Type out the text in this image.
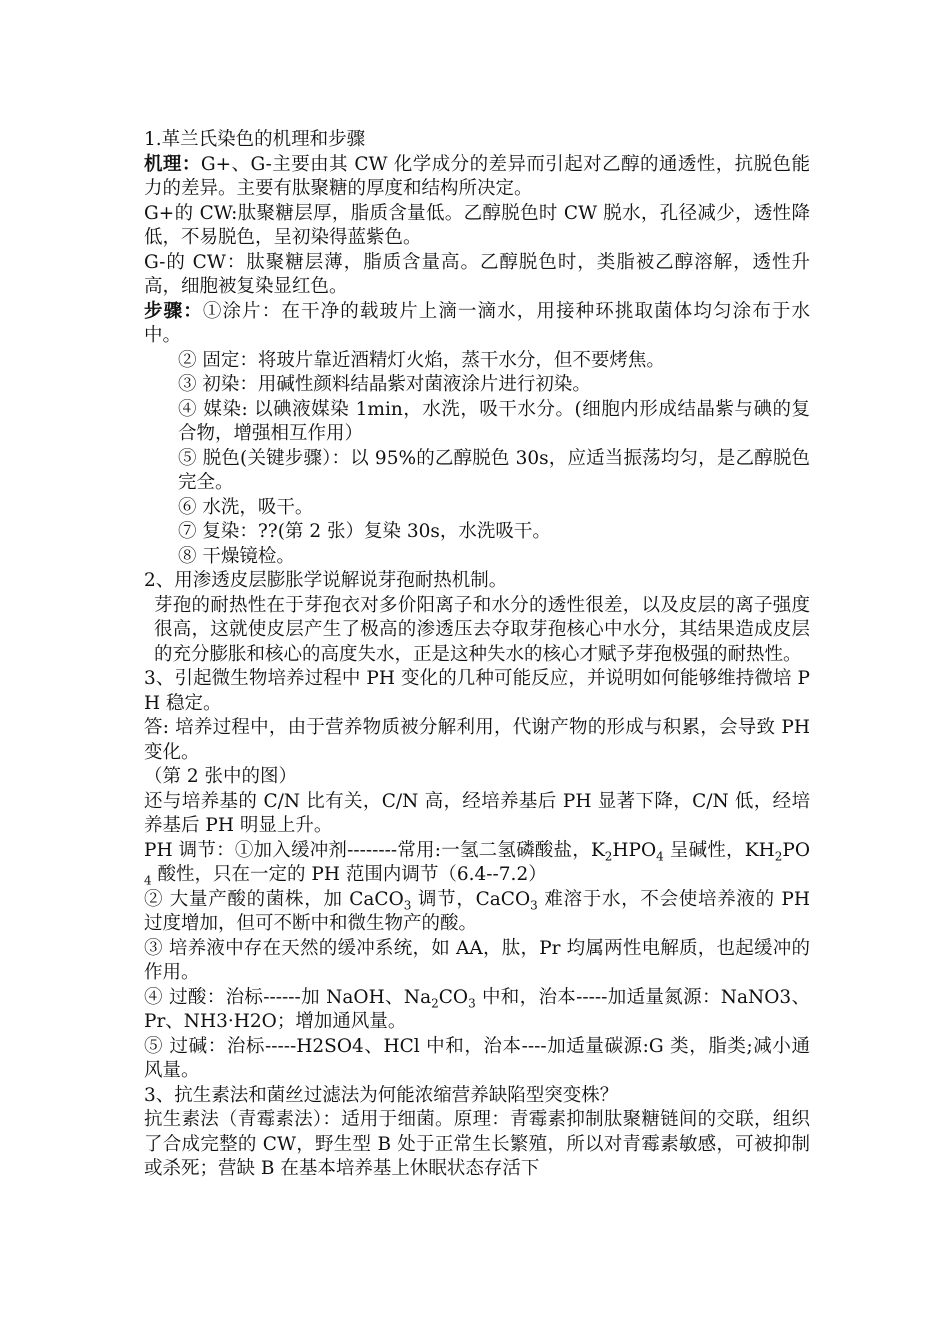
1.革兰氏染色的机理和步骤
机理：G+、G-主要由其 CW 化学成分的差异而引起对乙醇的通透性，抗脱色能力的差异。主要有肽聚糖的厚度和结构所决定。
G+的 CW:肽聚糖层厚，脂质含量低。乙醇脱色时 CW 脱水，孔径减少，透性降低，不易脱色，呈初染得蓝紫色。
G-的 CW：肽聚糖层薄，脂质含量高。乙醇脱色时，类脂被乙醇溶解，透性升高，细胞被复染显红色。
步骤：①涂片：在干净的载玻片上滴一滴水，用接种环挑取菌体均匀涂布于水中。
② 固定：将玻片靠近酒精灯火焰，蒸干水分，但不要烤焦。
③ 初染：用碱性颜料结晶紫对菌液涂片进行初染。
④ 媒染: 以碘液媒染 1min，水洗，吸干水分。(细胞内形成结晶紫与碘的复合物，增强相互作用）
⑤ 脱色(关键步骤）：以 95%的乙醇脱色 30s，应适当振荡均匀，是乙醇脱色完全。
⑥ 水洗，吸干。
⑦ 复染：??(第 2 张）复染 30s，水洗吸干。
⑧ 干燥镜检。
2、用渗透皮层膨胀学说解说芽孢耐热机制。
芽孢的耐热性在于芽孢衣对多价阳离子和水分的透性很差，以及皮层的离子强度很高，这就使皮层产生了极高的渗透压去夺取芽孢核心中水分，其结果造成皮层的充分膨胀和核心的高度失水，正是这种失水的核心才赋予芽孢极强的耐热性。
3、引起微生物培养过程中 PH 变化的几种可能反应，并说明如何能够维持微培 PH 稳定。
答: 培养过程中，由于营养物质被分解利用，代谢产物的形成与积累，会导致 PH 变化。
（第 2 张中的图）
还与培养基的 C/N 比有关，C/N 高，经培养基后 PH 显著下降，C/N 低，经培养基后 PH 明显上升。
PH 调节：①加入缓冲剂--------常用:一氢二氢磷酸盐，$K_2HPO_4$ 呈碱性，$KH_2PO_4$ 酸性，只在一定的 PH 范围内调节（6.4--7.2）
② 大量产酸的菌株，加 CaCO$_3$ 调节，CaCO$_3$ 难溶于水，不会使培养液的 PH 过度增加，但可不断中和微生物产的酸。
③ 培养液中存在天然的缓冲系统，如 AA，肽，Pr 均属两性电解质，也起缓冲的作用。
④ 过酸：治标------加 NaOH、$Na_2CO_3$ 中和，治本-----加适量氮源：NaNO3、Pr、NH3·H2O；增加通风量。
⑤ 过碱：治标-----H2SO4、HCl 中和，治本----加适量碳源:G 类，脂类;减小通风量。
3、抗生素法和菌丝过滤法为何能浓缩营养缺陷型突变株？
抗生素法（青霉素法）：适用于细菌。原理：青霉素抑制肽聚糖链间的交联，组织了合成完整的 CW，野生型 B 处于正常生长繁殖，所以对青霉素敏感，可被抑制或杀死；营缺 B 在基本培养基上休眠状态存活下
